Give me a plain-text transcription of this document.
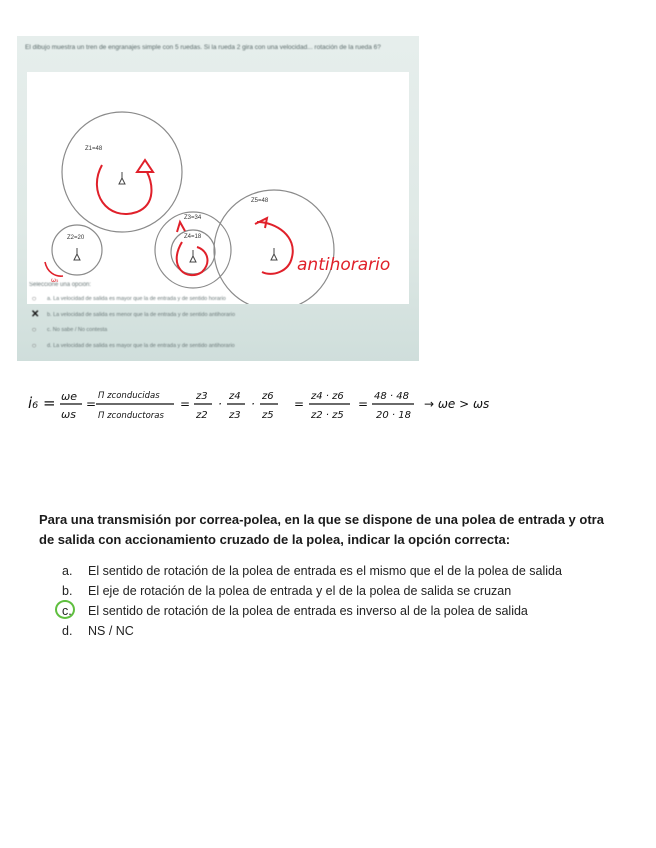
El dibujo muestra un tren de engranajes simple con 5 ruedas. Si la rueda 2 gira con una velocidad... rotación de la rueda 6?
Z1=48
Z2=20
Z3=34
Z4=18
Z5=48
antihorario
ω₅
Seleccione una opción:
○ a. La velocidad de salida es mayor que la de entrada y de sentido horario
✕ b. La velocidad de salida es menor que la de entrada y de sentido antihorario
○ c. No sabe / No contesta
○ d. La velocidad de salida es mayor que la de entrada y de sentido antihorario
i₆ = ωe
ωs
=
Π zconducidas
Π zconductoras
=
z3
z2
·
z4
z3
·
z6
z5
=
z4 · z6
z2 · z5
=
48 · 48
20 · 18
→ ωe > ωs
Para una transmisión por correa-polea, en la que se dispone de una polea de entrada y otra
de salida con accionamiento cruzado de la polea, indicar la opción correcta:
a.	El sentido de rotación de la polea de entrada es el mismo que el de la polea de salida
b.	El eje de rotación de la polea de entrada y el de la polea de salida se cruzan
c.	El sentido de rotación de la polea de entrada es inverso al de la polea de salida
d.	NS / NC
